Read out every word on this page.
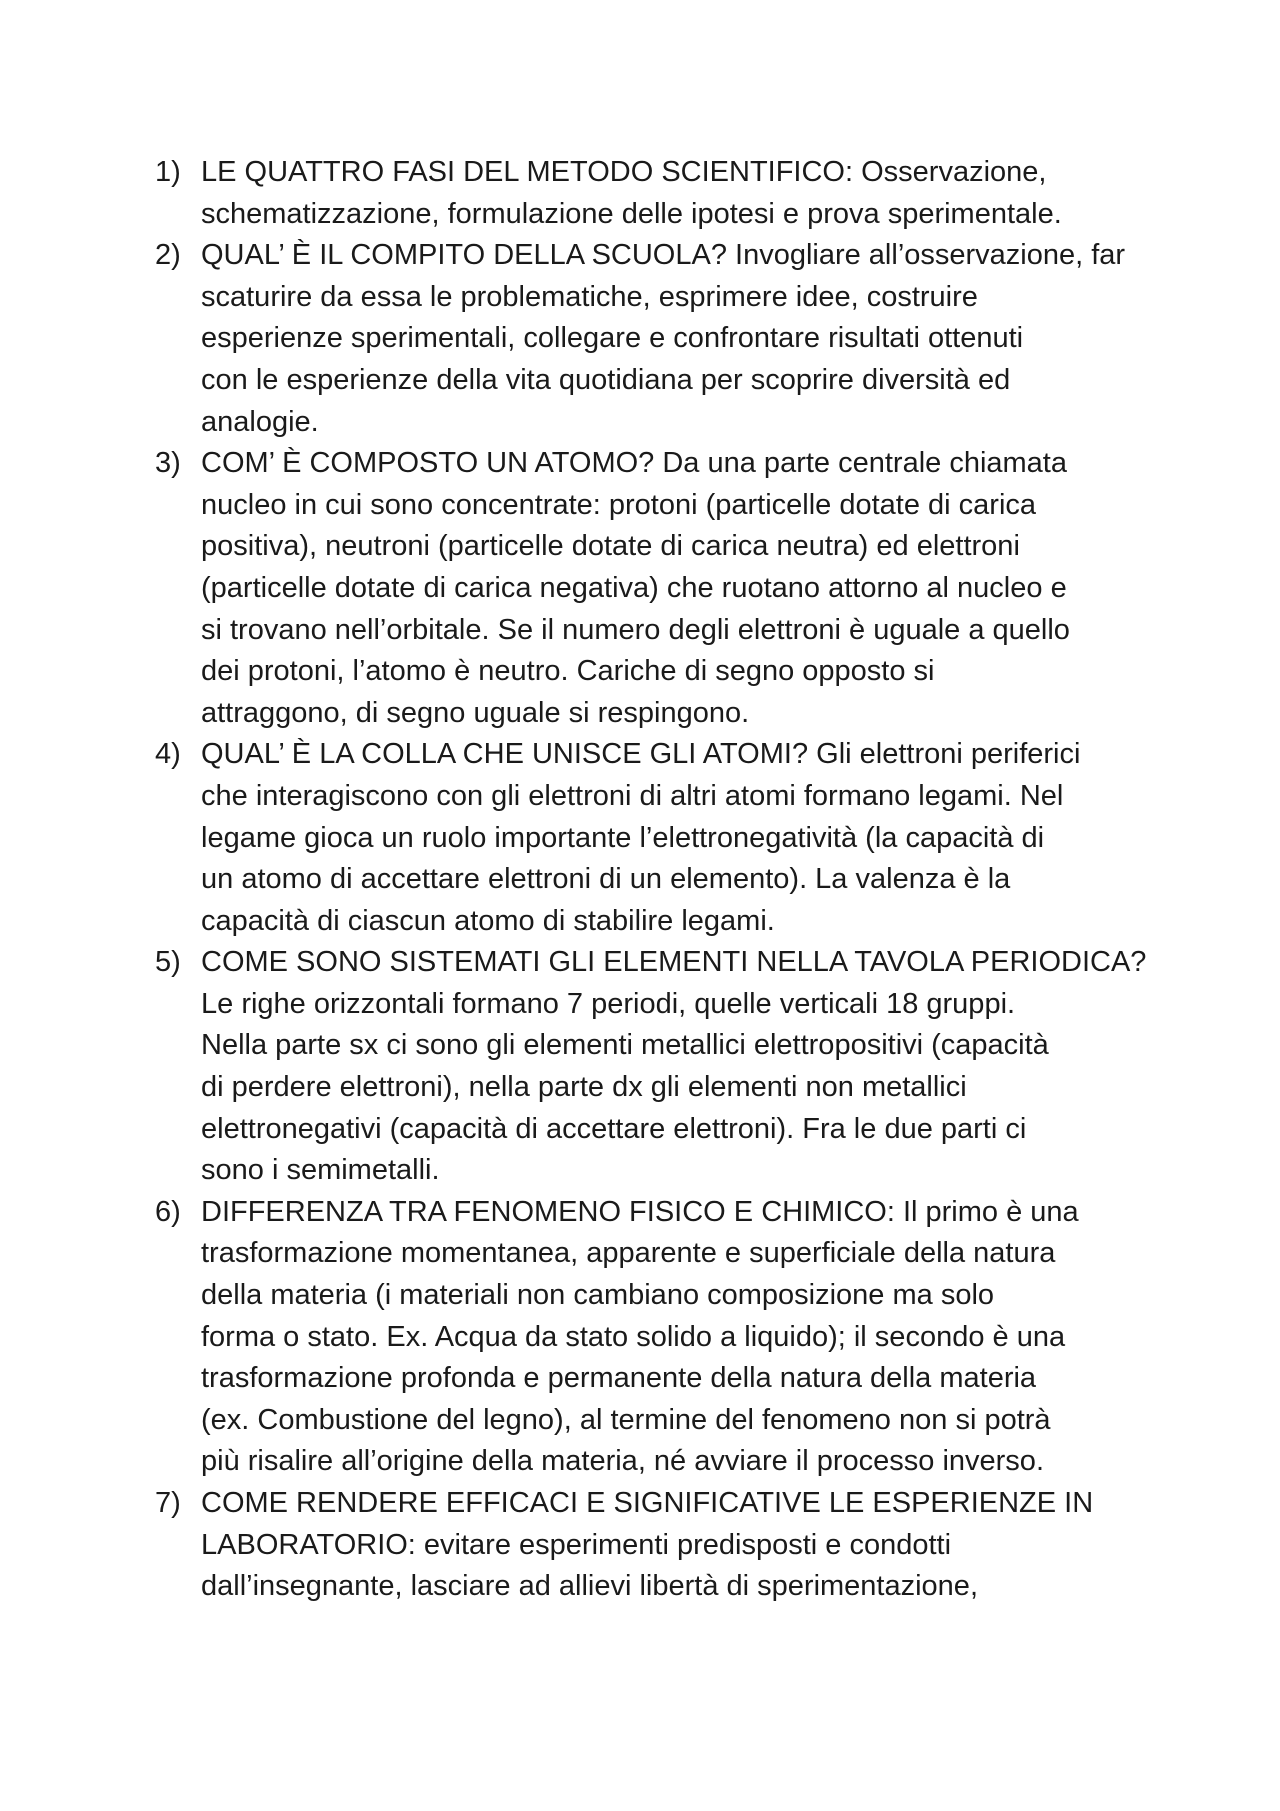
1) LE QUATTRO FASI DEL METODO SCIENTIFICO: Osservazione,
schematizzazione, formulazione delle ipotesi e prova sperimentale.
2) QUAL’ È IL COMPITO DELLA SCUOLA? Invogliare all’osservazione, far
scaturire da essa le problematiche, esprimere idee, costruire
esperienze sperimentali, collegare e confrontare risultati ottenuti
con le esperienze della vita quotidiana per scoprire diversità ed
analogie.
3) COM’ È COMPOSTO UN ATOMO? Da una parte centrale chiamata
nucleo in cui sono concentrate: protoni (particelle dotate di carica
positiva), neutroni (particelle dotate di carica neutra) ed elettroni
(particelle dotate di carica negativa) che ruotano attorno al nucleo e
si trovano nell’orbitale. Se il numero degli elettroni è uguale a quello
dei protoni, l’atomo è neutro. Cariche di segno opposto si
attraggono, di segno uguale si respingono.
4) QUAL’ È LA COLLA CHE UNISCE GLI ATOMI? Gli elettroni periferici
che interagiscono con gli elettroni di altri atomi formano legami. Nel
legame gioca un ruolo importante l’elettronegatività (la capacità di
un atomo di accettare elettroni di un elemento). La valenza è la
capacità di ciascun atomo di stabilire legami.
5) COME SONO SISTEMATI GLI ELEMENTI NELLA TAVOLA PERIODICA?
Le righe orizzontali formano 7 periodi, quelle verticali 18 gruppi.
Nella parte sx ci sono gli elementi metallici elettropositivi (capacità
di perdere elettroni), nella parte dx gli elementi non metallici
elettronegativi (capacità di accettare elettroni). Fra le due parti ci
sono i semimetalli.
6) DIFFERENZA TRA FENOMENO FISICO E CHIMICO: Il primo è una
trasformazione momentanea, apparente e superficiale della natura
della materia (i materiali non cambiano composizione ma solo
forma o stato. Ex. Acqua da stato solido a liquido); il secondo è una
trasformazione profonda e permanente della natura della materia
(ex. Combustione del legno), al termine del fenomeno non si potrà
più risalire all’origine della materia, né avviare il processo inverso.
7) COME RENDERE EFFICACI E SIGNIFICATIVE LE ESPERIENZE IN
LABORATORIO: evitare esperimenti predisposti e condotti
dall’insegnante, lasciare ad allievi libertà di sperimentazione,
